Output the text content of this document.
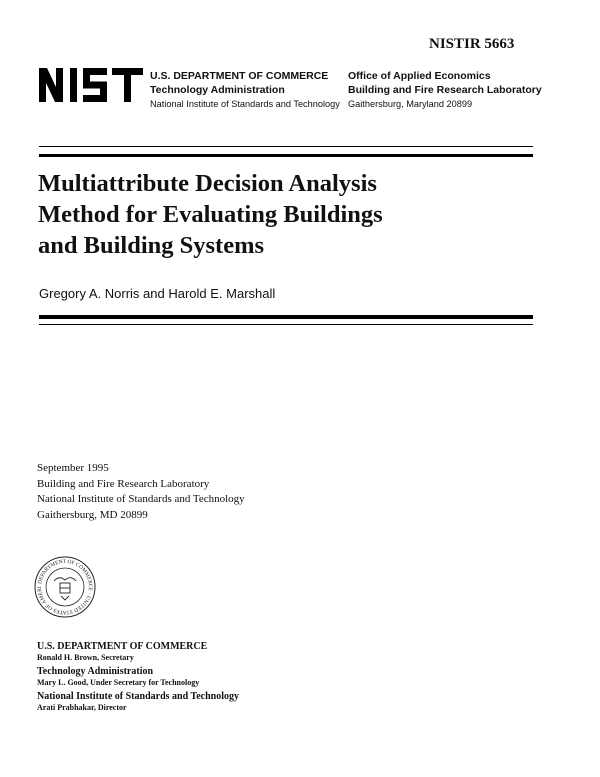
NISTIR 5663
U.S. DEPARTMENT OF COMMERCE
Technology Administration
National Institute of Standards and Technology
Office of Applied Economics
Building and Fire Research Laboratory
Gaithersburg, Maryland 20899
Multiattribute Decision Analysis
Method for Evaluating Buildings
and Building Systems
Gregory A. Norris and Harold E. Marshall
September 1995
Building and Fire Research Laboratory
National Institute of Standards and Technology
Gaithersburg, MD 20899
DEPARTMENT OF COMMERCE · UNITED STATES OF AMERI
U.S. DEPARTMENT OF COMMERCE
Ronald H. Brown, Secretary
Technology Administration
Mary L. Good, Under Secretary for Technology
National Institute of Standards and Technology
Arati Prabhakar, Director
